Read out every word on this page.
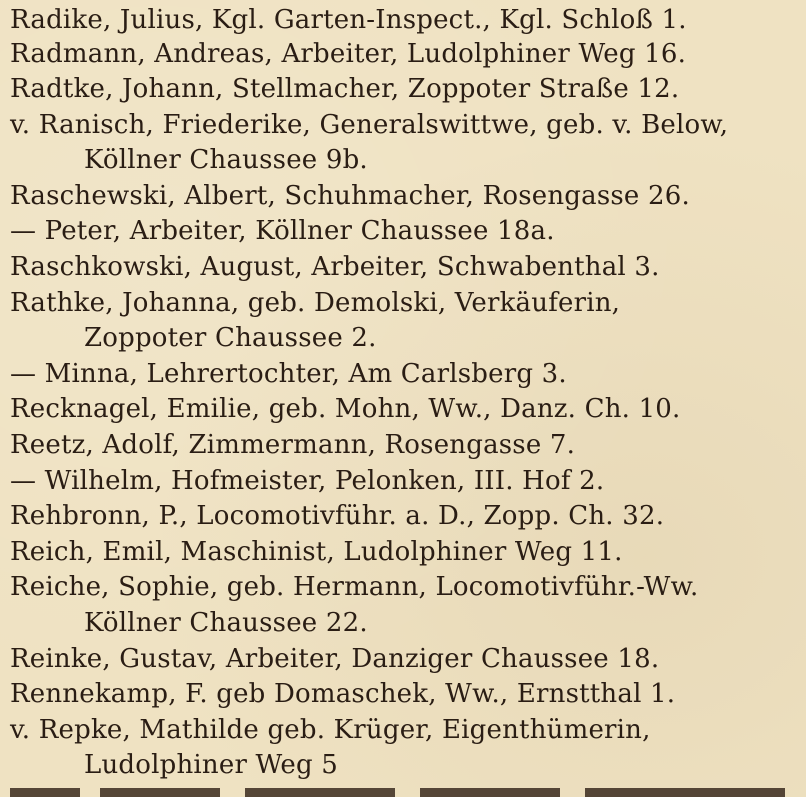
Radike, Julius, Kgl. Garten-Inspect., Kgl. Schloß 1.
Radmann, Andreas, Arbeiter, Ludolphiner Weg 16.
Radtke, Johann, Stellmacher, Zoppoter Straße 12.
v. Ranisch, Friederike, Generalswittwe, geb. v. Below,
Köllner Chaussee 9b.
Raschewski, Albert, Schuhmacher, Rosengasse 26.
— Peter, Arbeiter, Köllner Chaussee 18a.
Raschkowski, August, Arbeiter, Schwabenthal 3.
Rathke, Johanna, geb. Demolski, Verkäuferin,
Zoppoter Chaussee 2.
— Minna, Lehrertochter, Am Carlsberg 3.
Recknagel, Emilie, geb. Mohn, Ww., Danz. Ch. 10.
Reetz, Adolf, Zimmermann, Rosengasse 7.
— Wilhelm, Hofmeister, Pelonken, III. Hof 2.
Rehbronn, P., Locomotivführ. a. D., Zopp. Ch. 32.
Reich, Emil, Maschinist, Ludolphiner Weg 11.
Reiche, Sophie, geb. Hermann, Locomotivführ.-Ww.
Köllner Chaussee 22.
Reinke, Gustav, Arbeiter, Danziger Chaussee 18.
Rennekamp, F. geb Domaschek, Ww., Ernstthal 1.
v. Repke, Mathilde geb. Krüger, Eigenthümerin,
Ludolphiner Weg 5
